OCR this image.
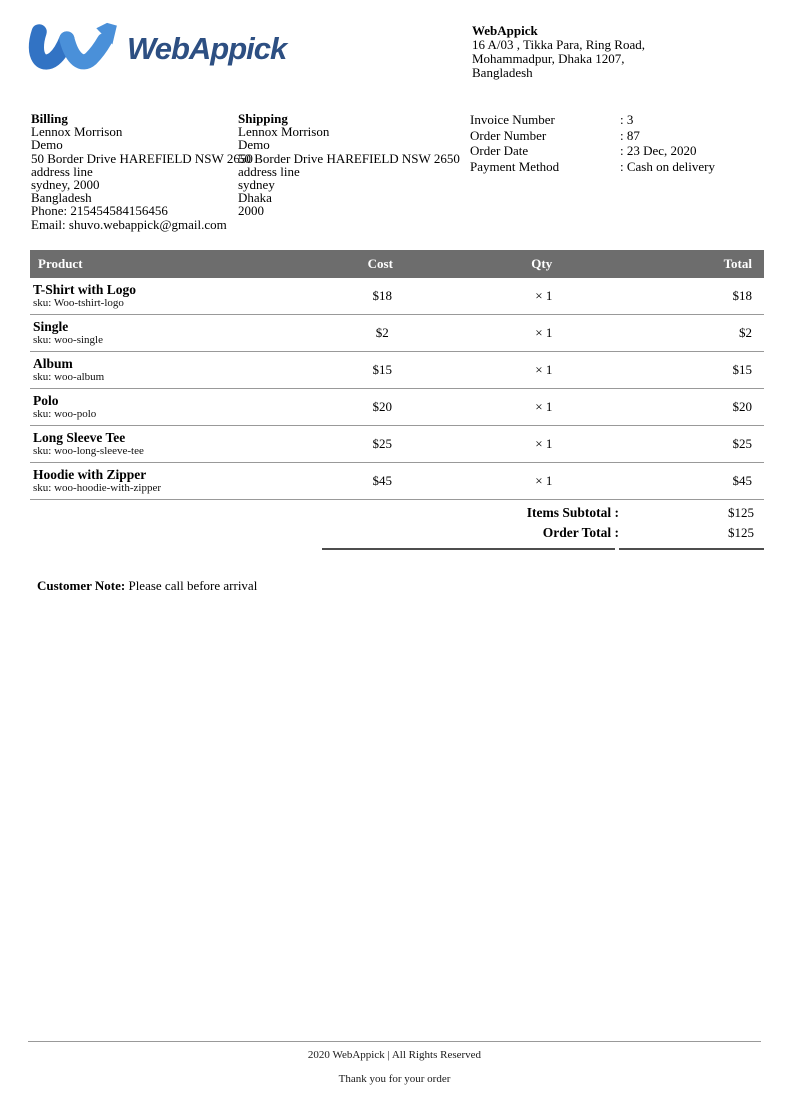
WebAppick
WebAppick
16 A/03 , Tikka Para, Ring Road,
Mohammadpur, Dhaka 1207,
Bangladesh
Billing
Lennox Morrison
Demo
50 Border Drive HAREFIELD NSW 2650
address line
sydney, 2000
Bangladesh
Phone: 215454584156456
Email: shuvo.webappick@gmail.com
Shipping
Lennox Morrison
Demo
50 Border Drive HAREFIELD NSW 2650
address line
sydney
Dhaka
2000
Invoice Number	: 3
Order Number	: 87
Order Date	: 23 Dec, 2020
Payment Method	: Cash on delivery
Product	Cost	Qty	Total

T-Shirt with Logo
sku: Woo-tshirt-logo	$18	× 1	$18

Single
sku: woo-single	$2	× 1	$2

Album
sku: woo-album	$15	× 1	$15

Polo
sku: woo-polo	$20	× 1	$20

Long Sleeve Tee
sku: woo-long-sleeve-tee	$25	× 1	$25

Hoodie with Zipper
sku: woo-hoodie-with-zipper	$45	× 1	$45
Items Subtotal :	$125
Order Total :	$125
Customer Note: Please call before arrival
2020 WebAppick | All Rights Reserved
Thank you for your order
